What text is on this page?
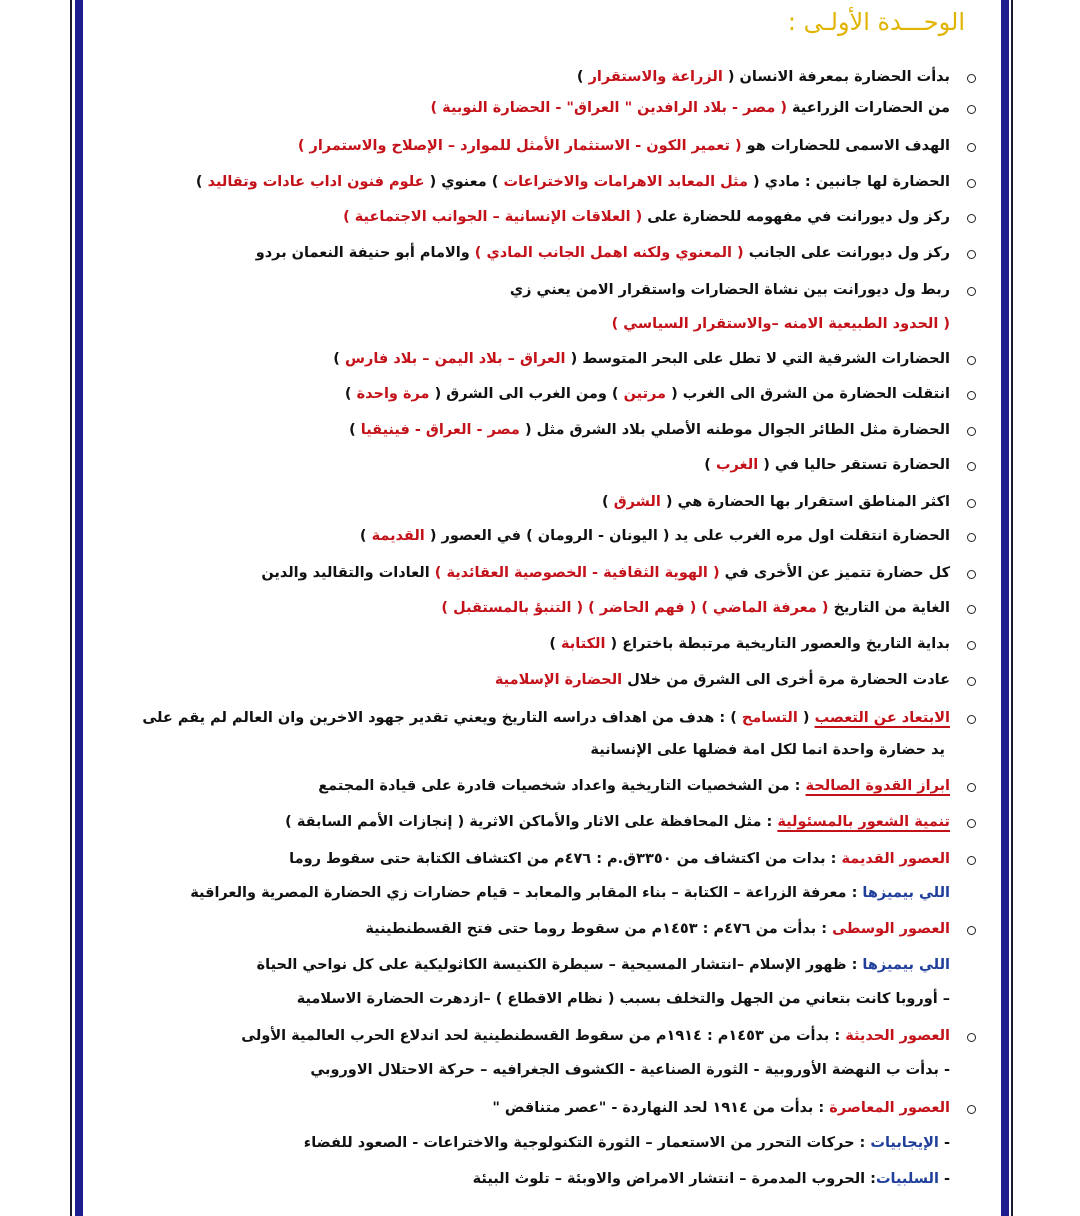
الوحـــدة الأولـى :
بدأت الحضارة بمعرفة الانسان ( الزراعة والاستقرار )
من الحضارات الزراعية ( مصر - بلاد الرافدين " العراق" - الحضارة النوبية )
الهدف الاسمى للحضارات هو ( تعمير الكون - الاستثمار الأمثل للموارد – الإصلاح والاستمرار )
الحضارة لها جانبين : مادي ( مثل المعابد الاهرامات والاختراعات ) معنوي ( علوم فنون اداب عادات وتقاليد )
ركز ول ديورانت في مفهومه للحضارة على ( العلاقات الإنسانية – الجوانب الاجتماعية )
ركز ول ديورانت على الجانب ( المعنوي ولكنه اهمل الجانب المادي ) والامام أبو حنيفة النعمان بردو
ربط ول ديورانت بين نشاة الحضارات واستقرار الامن يعني زي
( الحدود الطبيعية الامنه –والاستقرار السياسي )
الحضارات الشرقية التي لا تطل على البحر المتوسط ( العراق – بلاد اليمن – بلاد فارس )
انتقلت الحضارة من الشرق الى الغرب ( مرتين ) ومن الغرب الى الشرق ( مرة واحدة )
الحضارة مثل الطائر الجوال موطنه الأصلي بلاد الشرق مثل ( مصر - العراق - فينيقيا )
الحضارة تستقر حاليا في ( الغرب )
اكثر المناطق استقرار بها الحضارة هي ( الشرق )
الحضارة انتقلت اول مره الغرب على يد ( اليونان - الرومان ) في العصور ( القديمة )
كل حضارة تتميز عن الأخرى في ( الهوية الثقافية - الخصوصية العقائدية ) العادات والتقاليد والدين
الغاية من التاريخ ( معرفة الماضي ) ( فهم الحاضر ) ( التنبؤ بالمستقبل )
بداية التاريخ والعصور التاريخية مرتبطة باختراع ( الكتابة )
عادت الحضارة مرة أخرى الى الشرق من خلال الحضارة الإسلامية
الابتعاد عن التعصب ( التسامح ) : هدف من اهداف دراسه التاريخ ويعني تقدير جهود الاخرين وان العالم لم يقم على
يد حضارة واحدة انما لكل امة فضلها على الإنسانية
ابراز القدوة الصالحة : من الشخصيات التاريخية واعداد شخصيات قادرة على قيادة المجتمع
تنمية الشعور بالمسئولية : مثل المحافظة على الاثار والأماكن الاثرية ( إنجازات الأمم السابقة )
العصور القديمة : بدات من اكتشاف من ٣٣٥٠ق.م : ٤٧٦م من اكتشاف الكتابة حتى سقوط روما
اللي بيميزها : معرفة الزراعة – الكتابة – بناء المقابر والمعابد – قيام حضارات زي الحضارة المصرية والعراقية
العصور الوسطى : بدأت من ٤٧٦م : ١٤٥٣م من سقوط روما حتى فتح القسطنطينية
اللي بيميزها : ظهور الإسلام –انتشار المسيحية – سيطرة الكنيسة الكاثوليكية على كل نواحي الحياة
– أوروبا كانت بتعاني من الجهل والتخلف بسبب ( نظام الاقطاع ) –ازدهرت الحضارة الاسلامية
العصور الحديثة : بدأت من ١٤٥٣م : ١٩١٤م من سقوط القسطنطينية لحد اندلاع الحرب العالمية الأولى
- بدأت ب النهضة الأوروبية - الثورة الصناعية - الكشوف الجغرافيه – حركة الاحتلال الاوروبي
العصور المعاصرة : بدأت من ١٩١٤ لحد النهاردة - "عصر متناقض "
- الإيجابيات : حركات التحرر من الاستعمار – الثورة التكنولوجية والاختراعات - الصعود للفضاء
- السلبيات: الحروب المدمرة – انتشار الامراض والاوبئة – تلوث البيئة
